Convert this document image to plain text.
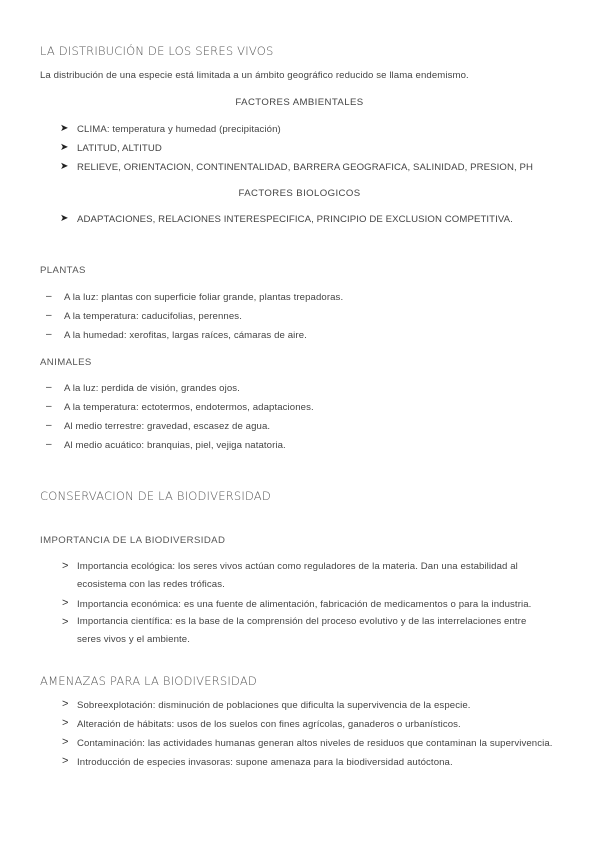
LA DISTRIBUCIÓN DE LOS SERES VIVOS
La distribución de una especie está limitada a un ámbito geográfico reducido se llama endemismo.
FACTORES AMBIENTALES
➤ CLIMA: temperatura y humedad (precipitación)
➤ LATITUD, ALTITUD
➤ RELIEVE, ORIENTACION, CONTINENTALIDAD, BARRERA GEOGRAFICA, SALINIDAD, PRESION, PH
FACTORES BIOLOGICOS
➤ ADAPTACIONES, RELACIONES INTERESPECIFICA, PRINCIPIO DE EXCLUSION COMPETITIVA.
PLANTAS
– A la luz: plantas con superficie foliar grande, plantas trepadoras.
– A la temperatura: caducifolias, perennes.
– A la humedad: xerofitas, largas raíces, cámaras de aire.
ANIMALES
– A la luz: perdida de visión, grandes ojos.
– A la temperatura: ectotermos, endotermos, adaptaciones.
– Al medio terrestre: gravedad, escasez de agua.
– Al medio acuático: branquias, piel, vejiga natatoria.
CONSERVACION DE LA BIODIVERSIDAD
IMPORTANCIA DE LA BIODIVERSIDAD
> Importancia ecológica: los seres vivos actúan como reguladores de la materia. Dan una estabilidad al ecosistema con las redes tróficas.
> Importancia económica: es una fuente de alimentación, fabricación de medicamentos o para la industria.
> Importancia científica: es la base de la comprensión del proceso evolutivo y de las interrelaciones entre seres vivos y el ambiente.
AMENAZAS PARA LA BIODIVERSIDAD
> Sobreexplotación: disminución de poblaciones que dificulta la supervivencia de la especie.
> Alteración de hábitats: usos de los suelos con fines agrícolas, ganaderos o urbanísticos.
> Contaminación: las actividades humanas generan altos niveles de residuos que contaminan la supervivencia.
> Introducción de especies invasoras: supone amenaza para la biodiversidad autóctona.
